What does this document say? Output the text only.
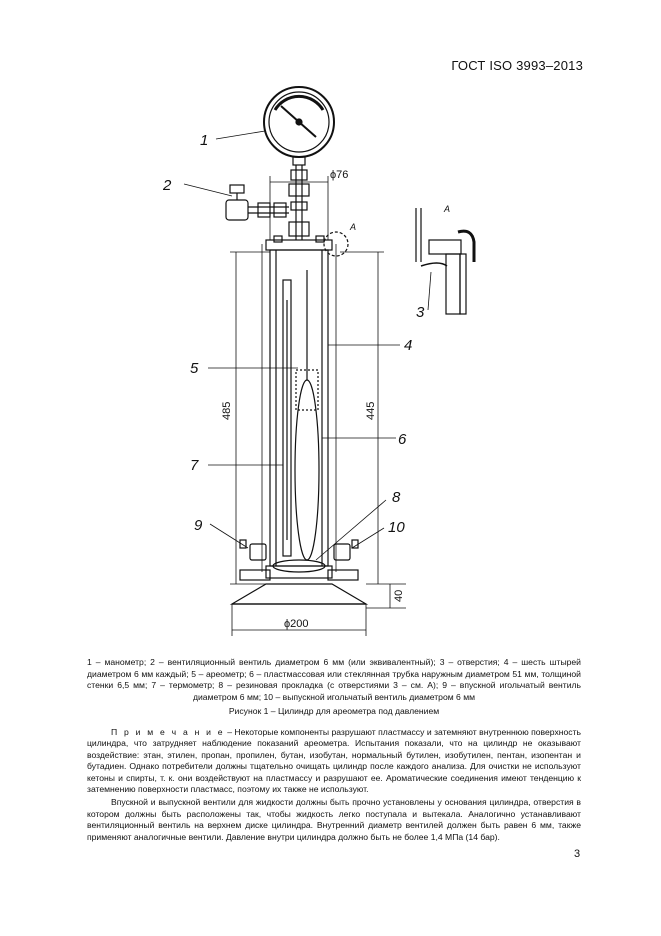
ГОСТ ISO 3993–2013
1
2
3
4
5
6
7
8
9	10
A
A
ϕ76
485	445
40
ϕ200
1 – манометр; 2 – вентиляционный вентиль диаметром 6 мм (или эквивалентный); 3 – отверстия; 4 – шесть штырей диаметром 6 мм каждый; 5 – ареометр; 6 – пластмассовая или стеклянная трубка наружным диаметром 51 мм, толщиной стенки 6,5 мм; 7 – термометр; 8 – резиновая прокладка (с отверстиями 3 – см. А); 9 – впускной игольчатый вентиль диаметром 6 мм; 10 – выпускной игольчатый вентиль диаметром 6 мм
Рисунок 1 – Цилиндр для ареометра под давлением

П р и м е ч а н и е – Некоторые компоненты разрушают пластмассу и затемняют внутреннюю поверхность цилиндра, что затрудняет наблюдение показаний ареометра. Испытания показали, что на цилиндр не оказывают воздействие: этан, этилен, пропан, пропилен, бутан, изобутан, нормальный бутилен, изобутилен, пентан, изопентан и бутадиен. Однако потребители должны тщательно очищать цилиндр после каждого анализа. Для очистки не используют кетоны и спирты, т. к. они воздействуют на пластмассу и разрушают ее. Ароматические соединения имеют тенденцию к затемнению поверхности пластмасс, поэтому их также не используют.

Впускной и выпускной вентили для жидкости должны быть прочно установлены у основания цилиндра, отверстия в котором должны быть расположены так, чтобы жидкость легко поступала и вытекала. Аналогично устанавливают вентиляционный вентиль на верхнем диске цилиндра. Внутренний диаметр вентилей должен быть равен 6 мм, также применяют аналогичные вентили. Давление внутри цилиндра должно быть не более 1,4 МПа (14 бар).

3
